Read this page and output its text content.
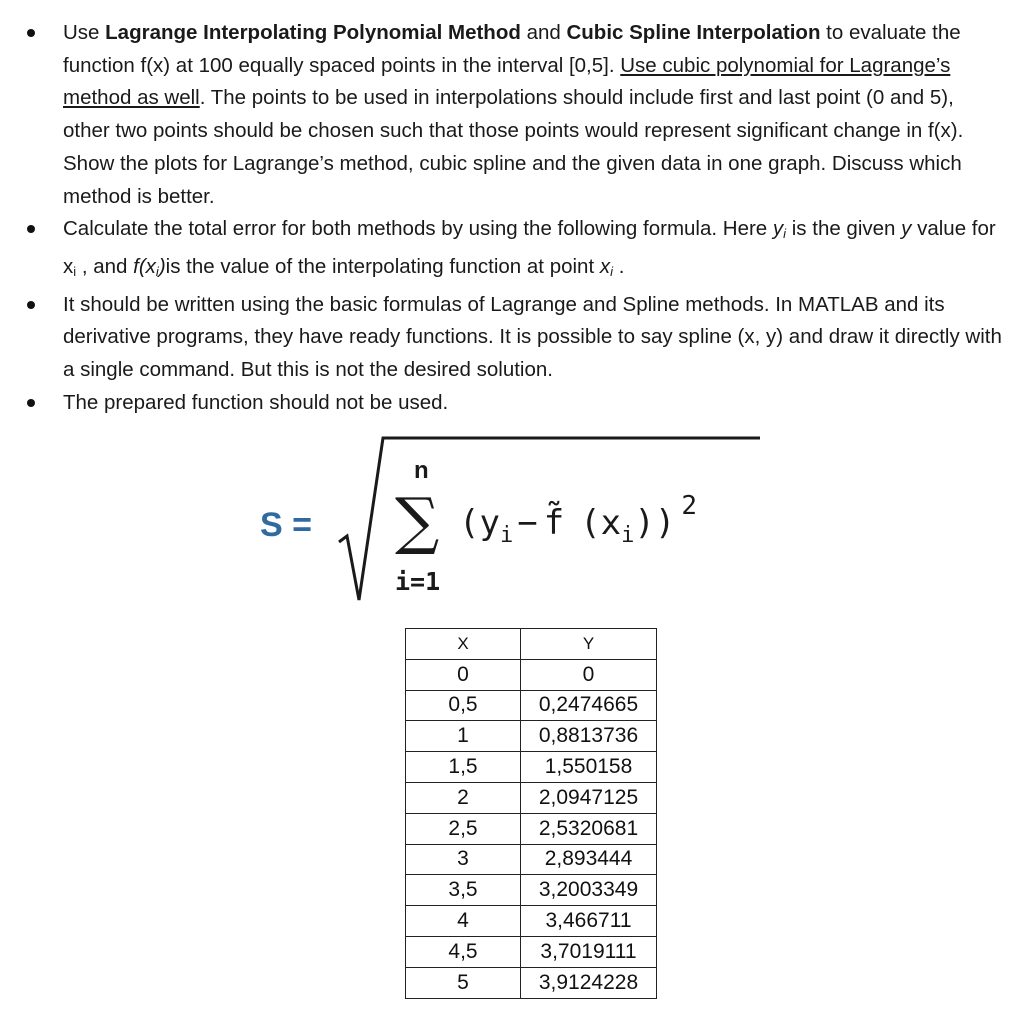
Use Lagrange Interpolating Polynomial Method and Cubic Spline Interpolation to evaluate the function f(x) at 100 equally spaced points in the interval [0,5]. Use cubic polynomial for Lagrange’s method as well. The points to be used in interpolations should include first and last point (0 and 5), other two points should be chosen such that those points would represent significant change in f(x). Show the plots for Lagrange’s method, cubic spline and the given data in one graph. Discuss which method is better.
Calculate the total error for both methods by using the following formula. Here $y_i$ is the given y value for $x_i$ , and $f(x_i)is$ the value of the interpolating function at point $x_i$ .
It should be written using the basic formulas of Lagrange and Spline methods. In MATLAB and its derivative programs, they have ready functions. It is possible to say spline (x, y) and draw it directly with a single command. But this is not the desired solution.
The prepared function should not be used.
S =
n
∑
i=1
($y_i$ − f̃ $(x_i)$) $^2$
X	Y
0	0
0,5	0,2474665
1	0,8813736
1,5	1,550158
2	2,0947125
2,5	2,5320681
3	2,893444
3,5	3,2003349
4	3,466711
4,5	3,7019111
5	3,9124228
